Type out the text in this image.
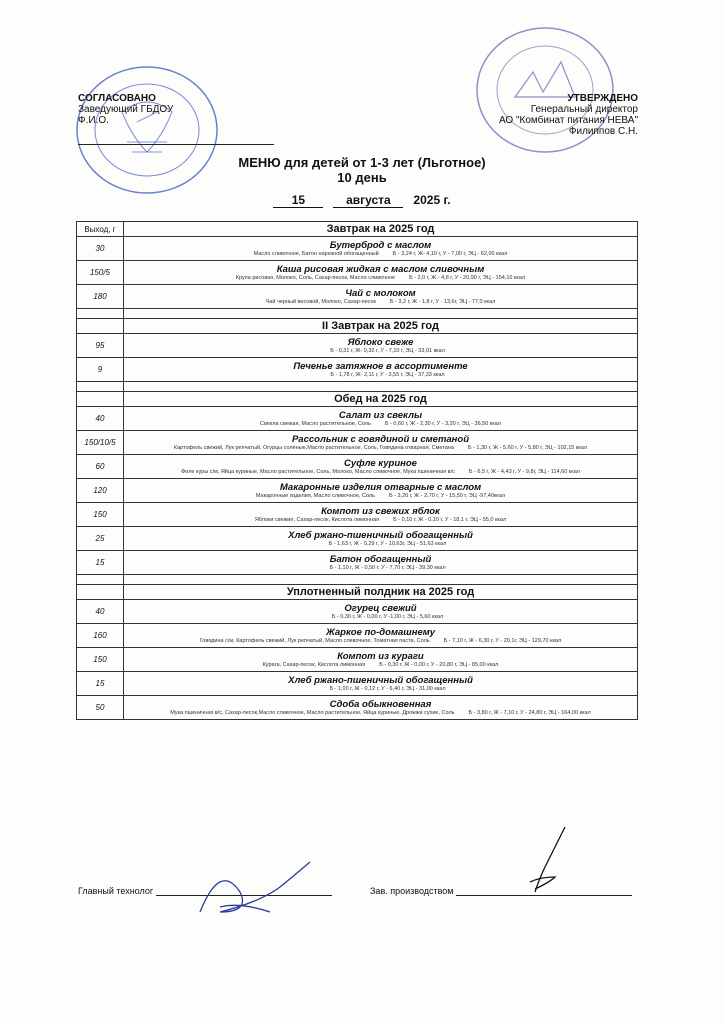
СОГЛАСОВАНО
Заведующий ГБДОУ
Ф.И.О.
УТВЕРЖДЕНО
Генеральный директор
АО "Комбинат питания НЕВА"
Филиппов С.Н.
МЕНЮ для детей от 1-3 лет (Льготное)
10 день
15	августа 2025 г.
Выход, г	Завтрак на 2025 год
30	Бутерброд с маслом
Масло сливочное, Батон нарезной обогащенный Б - 3,24 г, Ж- 4,10 г, У - 7,00 г, ЭЦ - 62,00 ккал

150/5	Каша рисовая жидкая с маслом сливочным
Крупа рисовая, Молоко, Соль, Сахар-песок, Масло сливочное Б - 2,0 г, Ж - 4,8 г, У - 20,90 г, ЭЦ - 154,10 ккал

180	Чай с молоком
Чай черный весовой, Молоко, Сахар-песок Б - 3,2 г, Ж - 1,8 г, У - 13,6г, ЭЦ - 77,0 ккал

	II Завтрак на 2025 год
95	Яблоко свеже
Б - 0,31 г, Ж- 0,32 г, У - 7,10 г, ЭЦ - 33,01 ккал

9	Печенье затяжное в ассортименте
Б - 1,78 г, Ж- 2,11 г, У - 3,55 г, ЭЦ - 37,33 ккал

	Обед на 2025 год
40	Салат из свеклы
Свекла свежая, Масло растительное, Соль Б - 0,60 г, Ж - 2,30 г, У - 3,20 г, ЭЦ - 36,50 ккал

150/10/5	Рассольник с говядиной и сметаной
Картофель свежий, Лук репчатый, Огурцы солёные,Масло растительное, Соль, Говядина отварная, Сметана Б - 1,30 г, Ж - 5,60 г, У - 5,80 г, ЭЦ - 102,15 ккал

60	Суфле куриное
Филе куры с/м, Яйца куриные, Масло растительное, Соль, Молоко, Масло сливочное, Мука пшеничная в/с Б - 6,5 г, Ж - 4,43 г, У - 9,8г, ЭЦ - 114,60 ккал

120	Макаронные изделия отварные с маслом
Макаронные изделия, Масло сливочное, Соль Б - 3,20 г, Ж - 2,70 г, У - 15,50 г, ЭЦ -97,40ккал

150	Компот из свежих яблок
Яблоки свежие, Сахар-песок, Кислота лимонная Б - 0,10 г, Ж - 0,10 г, У - 18,1 г, ЭЦ - 55,0 ккал

25	Хлеб ржано-пшеничный обогащенный
Б - 1,63 г, Ж - 0,29 г, У - 10,63г, ЭЦ - 51,63 ккал

15	Батон обогащенный
Б - 1,10 г, Ж - 0,50 г, У - 7,70 г, ЭЦ - 39,30 ккал

	Уплотненный полдник на 2025 год
40	Огурец свежий
Б - 0,30 г, Ж - 0,00 г, У -1,00 г, ЭЦ - 5,60 ккал

160	Жаркое по-домашнему
Говядина с/м, Картофель свежий, Лук репчатый, Масло сливочное, Томатная паста, Соль Б - 7,10 г, Ж - 6,30 г, У - 20,1г, ЭЦ - 129,70 ккал

150	Компот из кураги
Курага, Сахар-песок, Кислота лимонная Б - 0,30 г, Ж - 0,00 г, У - 20,80 г, ЭЦ - 85,00 ккал

15	Хлеб ржано-пшеничный обогащенный
Б - 1,00 г, Ж - 0,12 г, У - 6,40 г, ЭЦ - 31,00 ккал

50	Сдоба обыкновенная
Мука пшеничная в/с, Сахар-песок,Масло сливочное, Масло растительное, Яйца куриные, Дрожжи сухие, Соль Б - 3,80 г, Ж - 7,10 г, У - 24,80 г, ЭЦ - 164,00 ккал
Главный технолог	Зав. производством
